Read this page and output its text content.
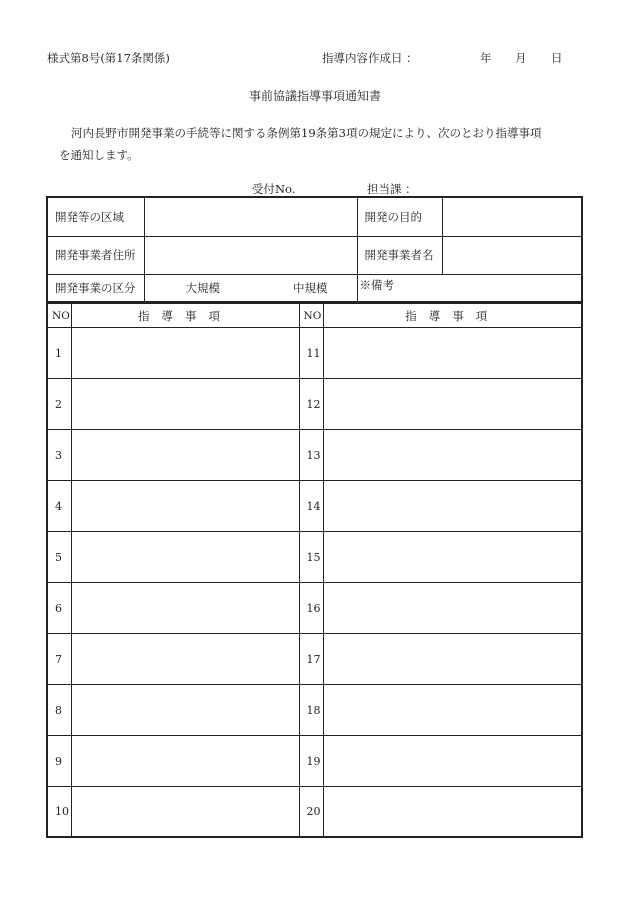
様式第8号(第17条関係)	指導内容作成日 ：	年 月 日
事前協議指導事項通知書

河内長野市開発事業の手続等に関する条例第19条第3項の規定により、次のとおり指導事項

を通知します。

受付No.	担当課 ：
開発等の区域		開発の目的	
開発事業者住所		開発事業者名	
開発事業の区分	大規模 中規模	※備考	
NO	指導事項	NO	指導事項
1		11	
2		12	
3		13	
4		14	
5		15	
6		16	
7		17	
8		18	
9		19	
10		20	
